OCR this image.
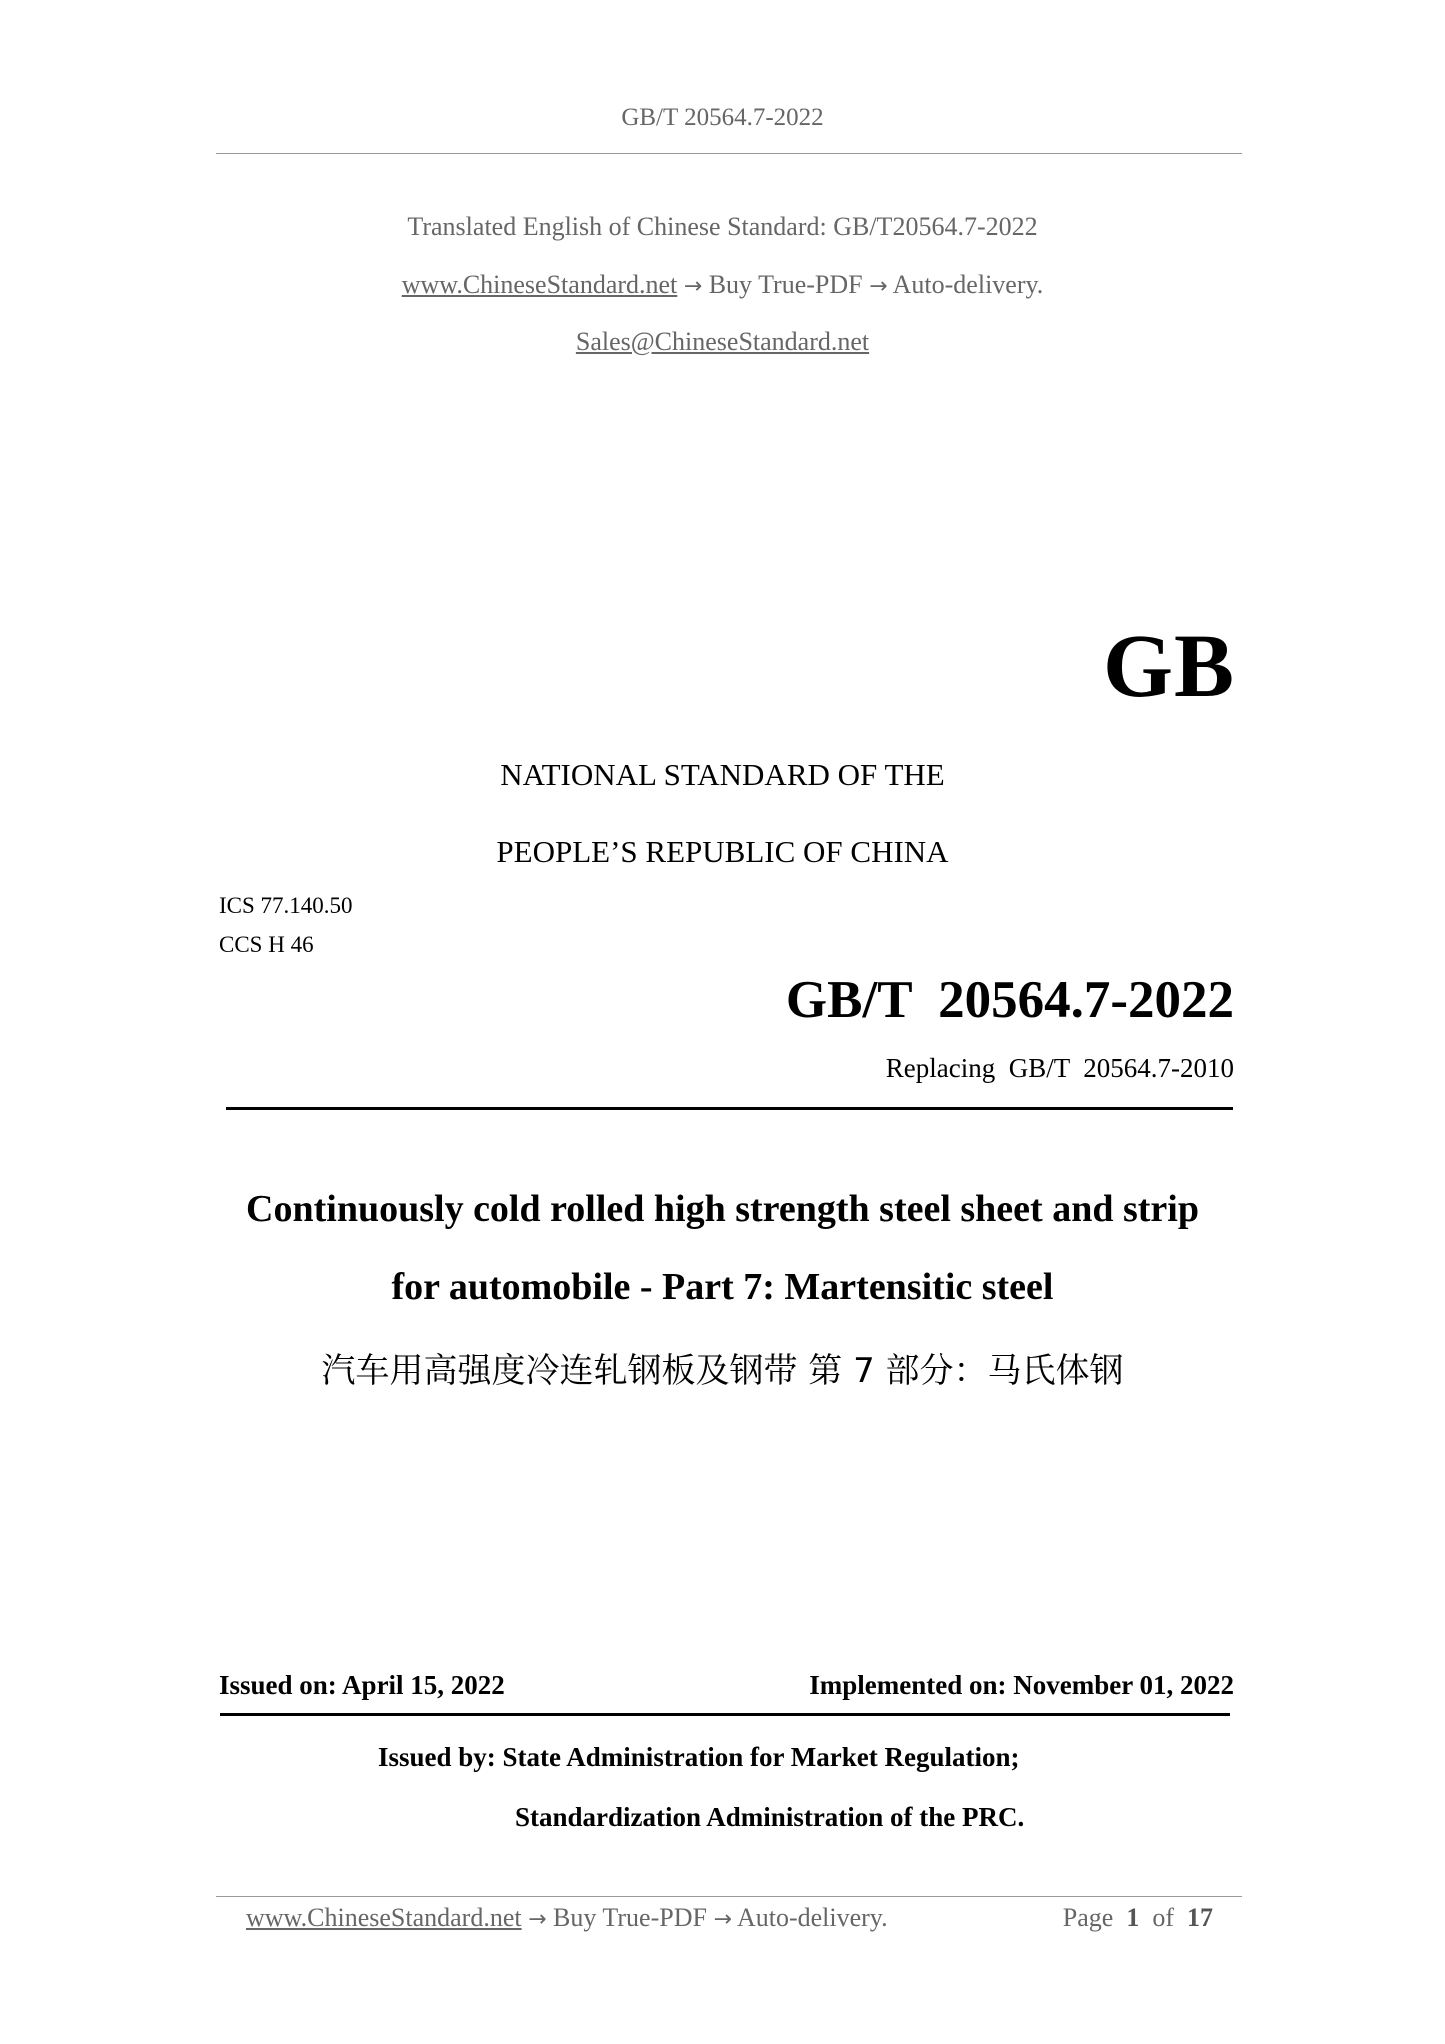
GB/T 20564.7-2022
Translated English of Chinese Standard: GB/T20564.7-2022
www.ChineseStandard.net → Buy True-PDF → Auto-delivery.
Sales@ChineseStandard.net
GB
NATIONAL STANDARD OF THE
PEOPLE’S REPUBLIC OF CHINA
ICS 77.140.50
CCS H 46
GB/T  20564.7-2022
Replacing  GB/T  20564.7-2010
Continuously cold rolled high strength steel sheet and strip
for automobile - Part 7: Martensitic steel
汽车用高强度冷连轧钢板及钢带 第 7 部分：马氏体钢
Issued on: April 15, 2022	Implemented on: November 01, 2022
Issued by: State Administration for Market Regulation;
Standardization Administration of the PRC.
www.ChineseStandard.net → Buy True-PDF → Auto-delivery.	Page 1 of 17
